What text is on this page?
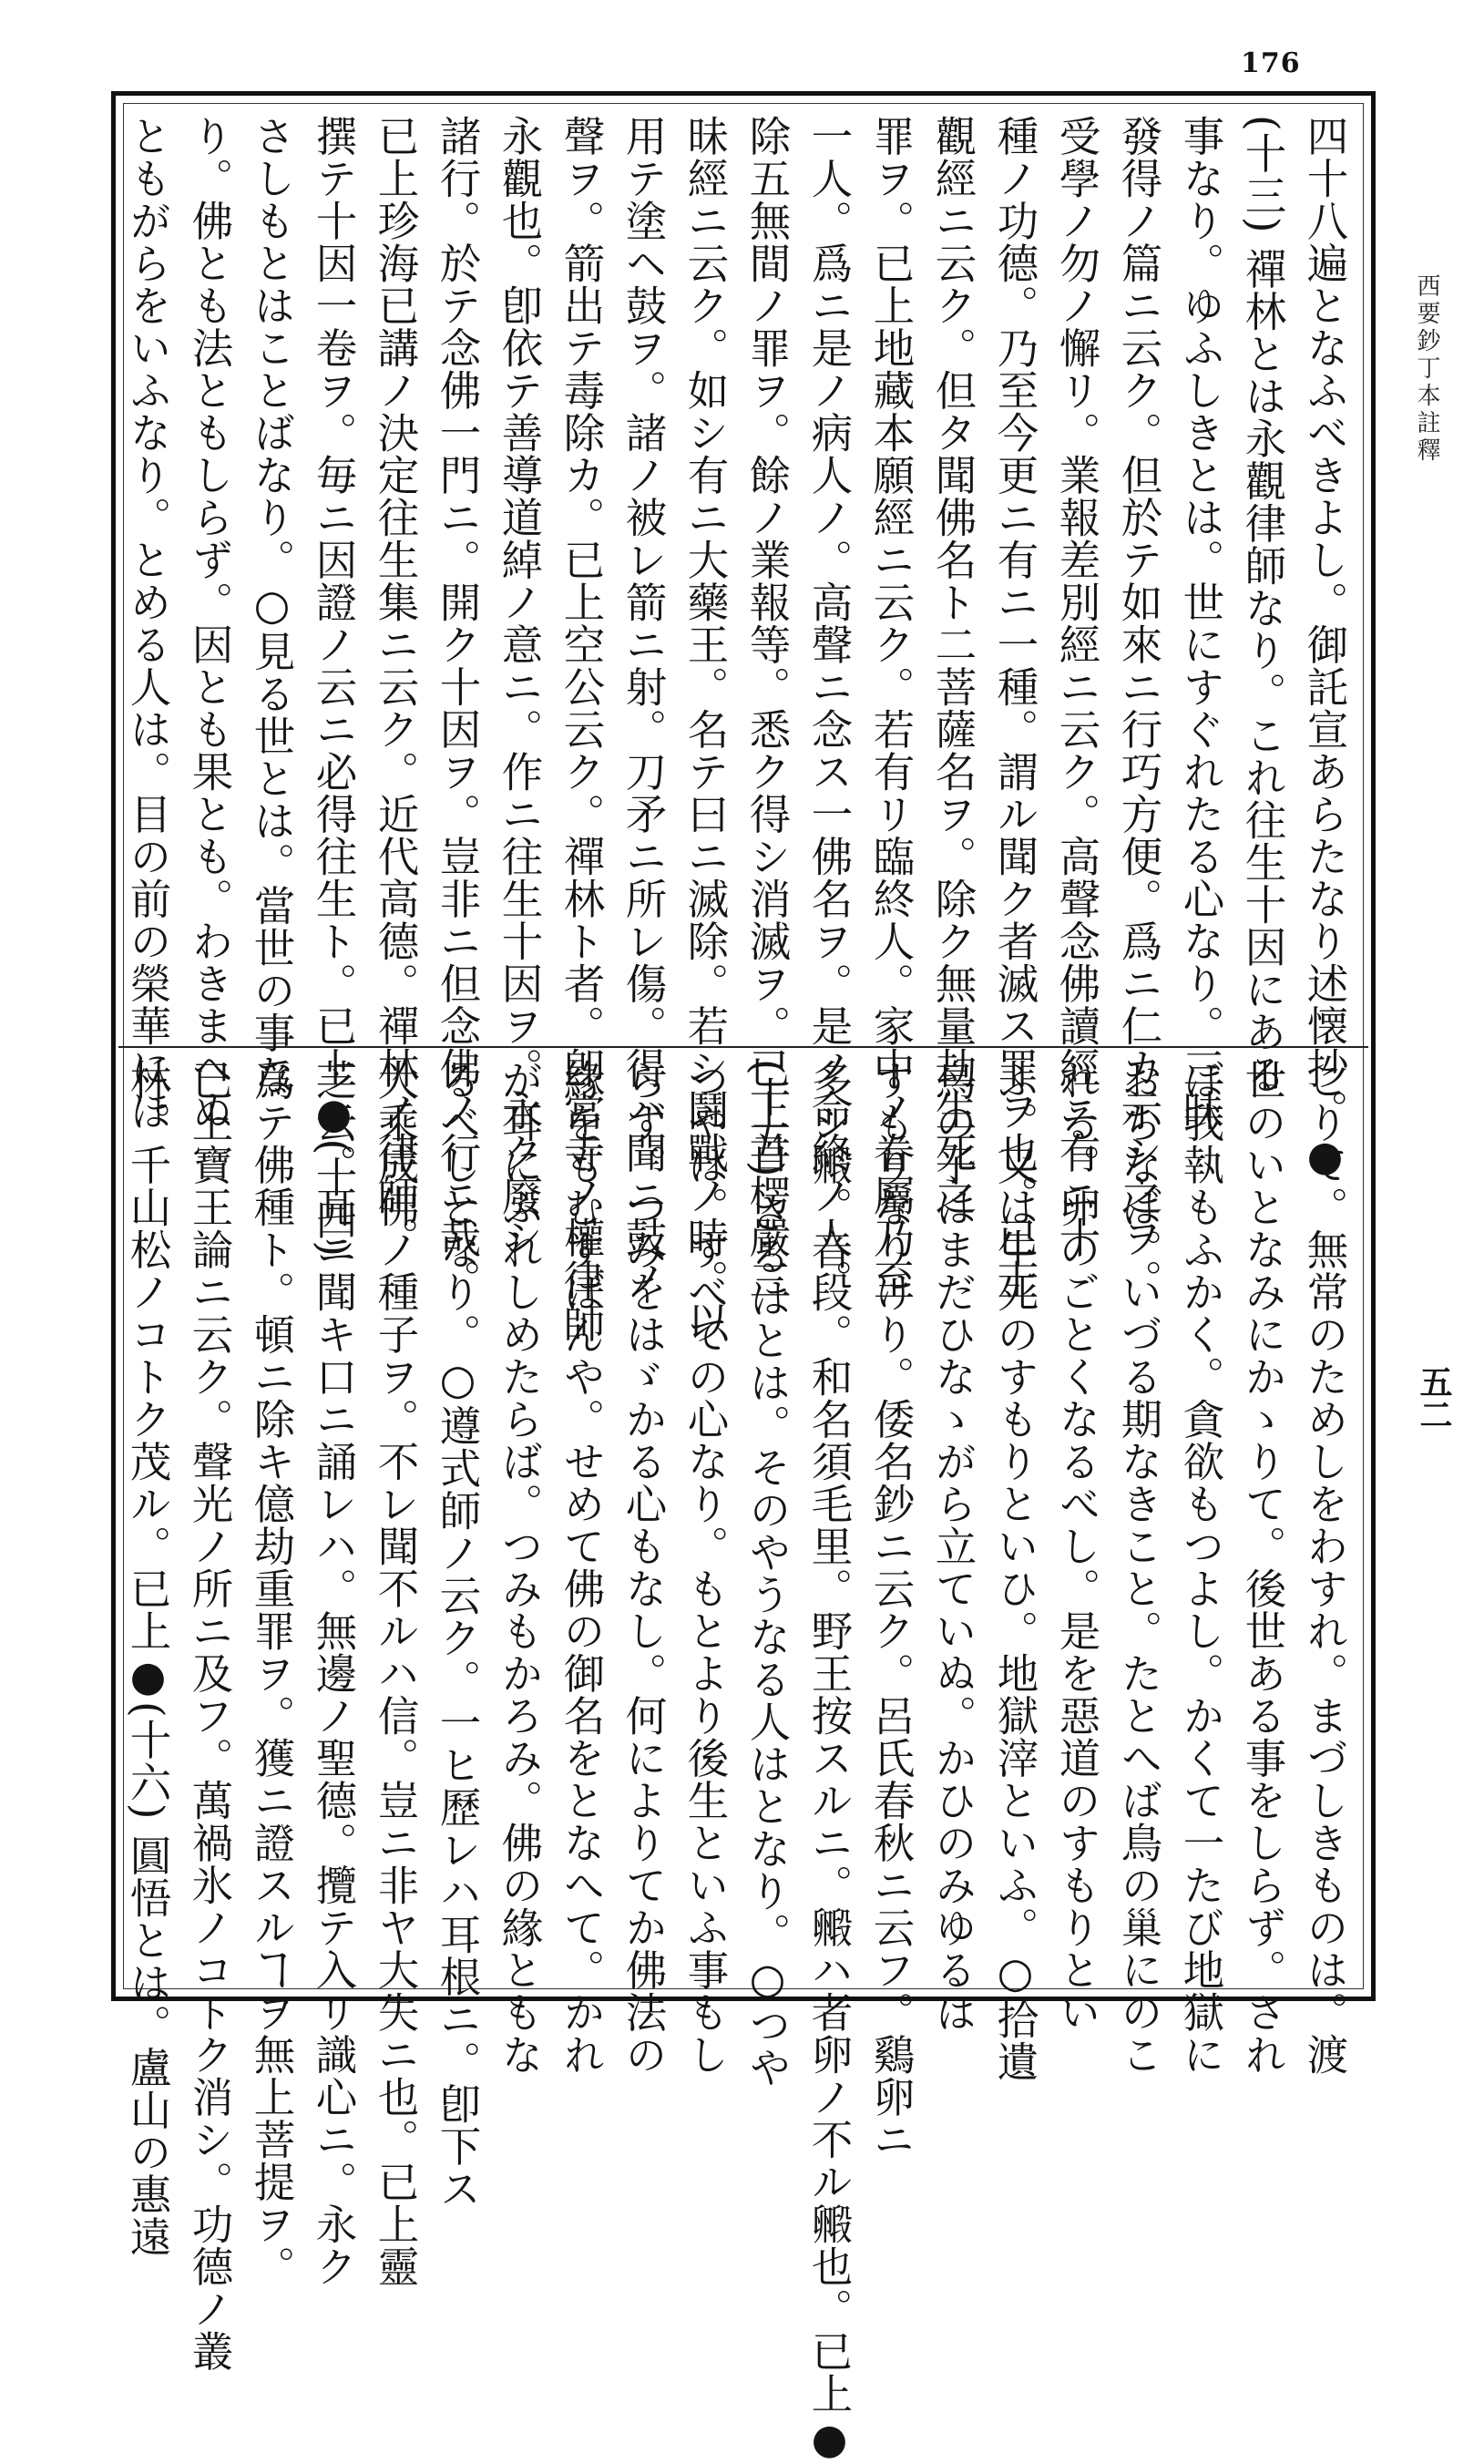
176

四十八遍となふべきよし。御託宣あらたなり述懐抄。●

(十三) 禪林とは永觀律師なり。これ往生十因にある

事なり。ゆふしきとは。世にすぐれたる心なり。三昧

發得ノ篇ニ云ク。但於テ如來ニ行巧方便。爲ニ仁カ示シ之ヲ。

受學ノ勿ノ懈リ。業報差別經ニ云ク。高聲念佛讀經ニ有ニ十

種ノ功德。乃至今更ニ有ニ一種。謂ル聞ク者滅ス罪ヲ也。已上

觀經ニ云ク。但タ聞佛名ト二菩薩名ヲ。除ク無量劫生死之

罪ヲ。已上地藏本願經ニ云ク。若有リ臨終人。家中ノ眷屬乃至

一人。爲ニ是ノ病人ノ。高聲ニ念ス一佛名ヲ。是ノ命終ノ人。

除五無間ノ罪ヲ。餘ノ業報等。悉ク得シ消滅ヲ。已上首楞嚴三

昧經ニ云ク。如シ有ニ大藥王。名テ曰ニ滅除。若シ鬪戰ノ時。以

用テ塗ヘ鼓ヲ。諸ノ被レ箭ニ射。刀矛ニ所レ傷。得ハ聞ニ鼓ノ

聲ヲ。箭出テ毒除カ。已上空公云ク。禪林ト者。卽當寺ノ權律師

永觀也。卽依テ善導道綽ノ意ニ。作ニ往生十因ヲ。永ク廢シ

諸行。於テ念佛一門ニ。開ク十因ヲ。豈非ニ但念佛ノ行ニ哉。

已上珍海已講ノ決定往生集ニ云ク。近代高德。禪林ノ律師。

撰テ十因一卷ヲ。毎ニ因證ノ云ニ必得往生ト。已上●(十四)

さしもとはことばなり。○見る世とは。當世の事な

り。佛とも法ともしらず。因とも果とも。わきまへぬ

ともがらをいふなり。とめる人は。目の前の榮華にほ

こりて。無常のためしをわすれ。まづしきものは。渡

世のいとなみにかゝりて。後世ある事をしらず。され

ば我執もふかく。貪欲もつよし。かくて一たび地獄に

おちなば。いづる期なきこと。たとへば鳥の巢にのこ

れる。卵のごとくなるべし。是を惡道のすもりとい

ふ。又は生死のすもりといひ。地獄滓といふ。○拾遺

鳥の子はまだひなゝがら立ていぬ。かひのみゆるは

すもりなりけり。倭名鈔ニ云ク。呂氏春秋ニ云フ。鷄卵ニ

多シ毈。音段。和名須毛里。野王按スルニ。毈ハ者卵ノ不ル毈也。已上●

(十五) さるはとは。そのやうなる人はとなり。○つや

つやは。すべての心なり。もとより後生といふ事もし

らず。つみをはゞかる心もなし。何によりてか佛法の

緣をもむすばんや。せめて佛の御名をとなへて。かれ

が耳にふれしめたらば。つみもかろみ。佛の緣ともな

るべしとなり。○遵式師ノ云ク。一ヒ歷レハ耳根ニ。卽下ス

大乘成佛ノ種子ヲ。不レ聞不ルハ信。豈ニ非ヤ大失ニ也。已上靈

芝云。耳ニ聞キ口ニ誦レハ。無邊ノ聖德。攬テ入リ識心ニ。永ク

爲テ佛種ト。頓ニ除キ億劫重罪ヲ。獲ニ證スルヿヲ無上菩提ヲ。

已上寶王論ニ云ク。聲光ノ所ニ及フ。萬禍氷ノコトク消シ。功德ノ叢

林。千山松ノコトク茂ル。已上●(十六) 圓悟とは。盧山の惠遠

西要鈔丁本註釋
五二
